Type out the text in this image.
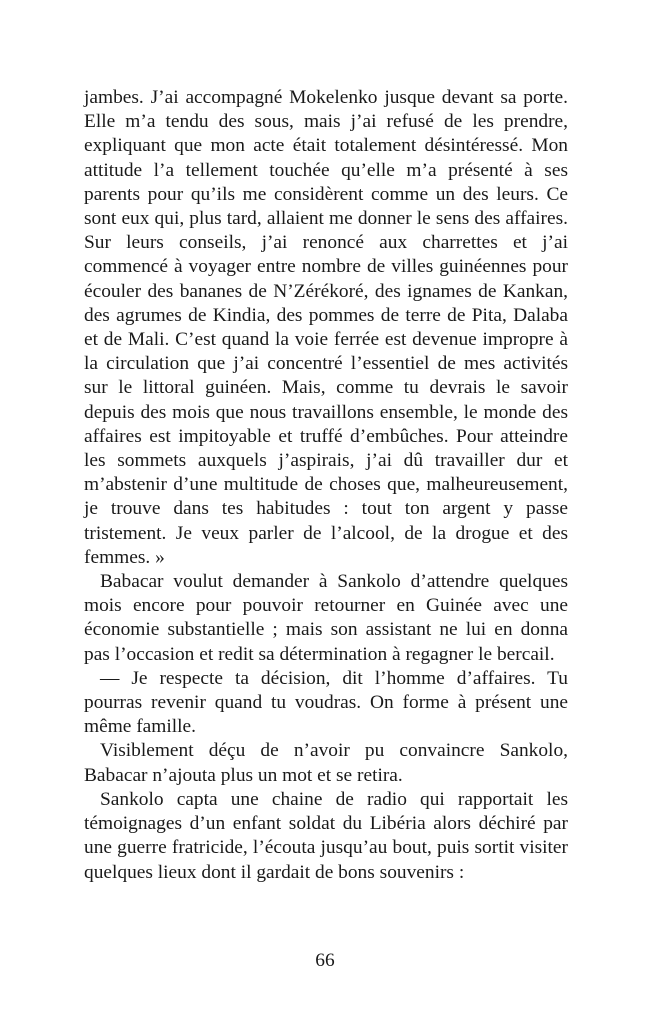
jambes. J’ai accompagné Mokelenko jusque devant sa porte. Elle m’a tendu des sous, mais j’ai refusé de les prendre, expliquant que mon acte était totalement désintéressé. Mon attitude l’a tellement touchée qu’elle m’a présenté à ses parents pour qu’ils me considèrent comme un des leurs. Ce sont eux qui, plus tard, allaient me donner le sens des affaires. Sur leurs conseils, j’ai renoncé aux charrettes et j’ai commencé à voyager entre nombre de villes guinéennes pour écouler des bananes de N’Zérékoré, des ignames de Kankan, des agrumes de Kindia, des pommes de terre de Pita, Dalaba et de Mali. C’est quand la voie ferrée est devenue impropre à la circulation que j’ai concentré l’essentiel de mes activités sur le littoral guinéen. Mais, comme tu devrais le savoir depuis des mois que nous travaillons ensemble, le monde des affaires est impitoyable et truffé d’embûches. Pour atteindre les sommets auxquels j’aspirais, j’ai dû travailler dur et m’abstenir d’une multitude de choses que, malheureusement, je trouve dans tes habitudes : tout ton argent y passe tristement. Je veux parler de l’alcool, de la drogue et des femmes. »

Babacar voulut demander à Sankolo d’attendre quelques mois encore pour pouvoir retourner en Guinée avec une économie substantielle ; mais son assistant ne lui en donna pas l’occasion et redit sa détermination à regagner le bercail.

— Je respecte ta décision, dit l’homme d’affaires. Tu pourras revenir quand tu voudras. On forme à présent une même famille.

Visiblement déçu de n’avoir pu convaincre Sankolo, Babacar n’ajouta plus un mot et se retira.

Sankolo capta une chaine de radio qui rapportait les témoignages d’un enfant soldat du Libéria alors déchiré par une guerre fratricide, l’écouta jusqu’au bout, puis sortit visiter quelques lieux dont il gardait de bons souvenirs :

66
